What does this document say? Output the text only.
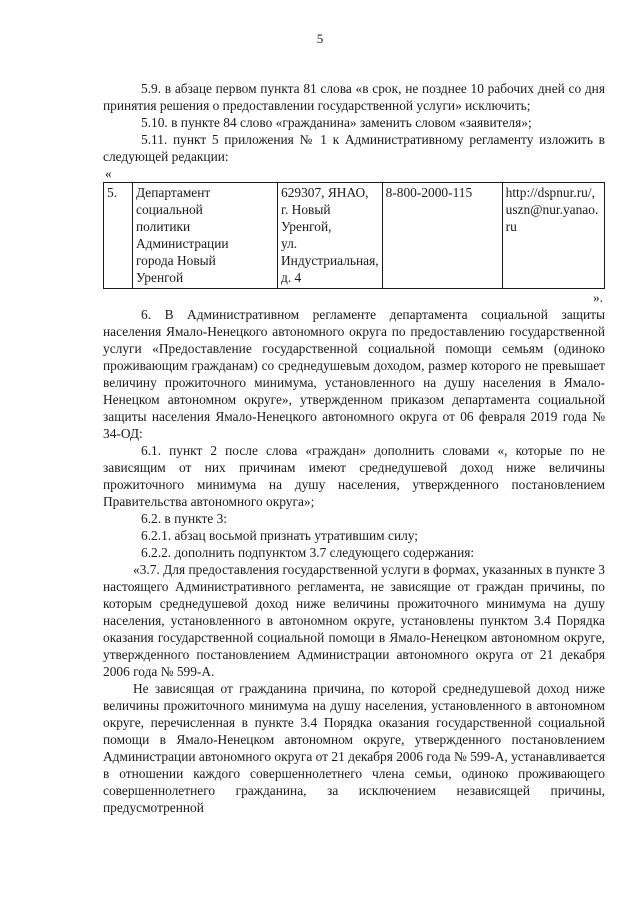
5

5.9. в абзаце первом пункта 81 слова «в срок, не позднее 10 рабочих дней со дня принятия решения о предоставлении государственной услуги» исключить;

5.10. в пункте 84 слово «гражданина» заменить словом «заявителя»;

5.11. пункт 5 приложения № 1 к Административному регламенту изложить в следующей редакции:

«
5.	Департамент
социальной
политики
Администрации
города Новый
Уренгой	629307, ЯНАО,
г. Новый
Уренгой,
ул.
Индустриальная,
д. 4	8-800-2000-115	http://dspnur.ru/,
uszn@nur.yanao.
ru
».

6. В Административном регламенте департамента социальной защиты населения Ямало-Ненецкого автономного округа по предоставлению государственной услуги «Предоставление государственной социальной помощи семьям (одиноко проживающим гражданам) со среднедушевым доходом, размер которого не превышает величину прожиточного минимума, установленного на душу населения в Ямало-Ненецком автономном округе», утвержденном приказом департамента социальной защиты населения Ямало-Ненецкого автономного округа от 06 февраля 2019 года № 34-ОД:

6.1. пункт 2 после слова «граждан» дополнить словами «, которые по не зависящим от них причинам имеют среднедушевой доход ниже величины прожиточного минимума на душу населения, утвержденного постановлением Правительства автономного округа»;

6.2. в пункте 3:

6.2.1. абзац восьмой признать утратившим силу;

6.2.2. дополнить подпунктом 3.7 следующего содержания:

«3.7. Для предоставления государственной услуги в формах, указанных в пункте 3 настоящего Административного регламента, не зависящие от граждан причины, по которым среднедушевой доход ниже величины прожиточного минимума на душу населения, установленного в автономном округе, установлены пунктом 3.4 Порядка оказания государственной социальной помощи в Ямало-Ненецком автономном округе, утвержденного постановлением Администрации автономного округа от 21 декабря 2006 года № 599-А.

Не зависящая от гражданина причина, по которой среднедушевой доход ниже величины прожиточного минимума на душу населения, установленного в автономном округе, перечисленная в пункте 3.4 Порядка оказания государственной социальной помощи в Ямало-Ненецком автономном округе, утвержденного постановлением Администрации автономного округа от 21 декабря 2006 года № 599-А, устанавливается в отношении каждого совершеннолетнего члена семьи, одиноко проживающего совершеннолетнего гражданина, за исключением независящей причины, предусмотренной
